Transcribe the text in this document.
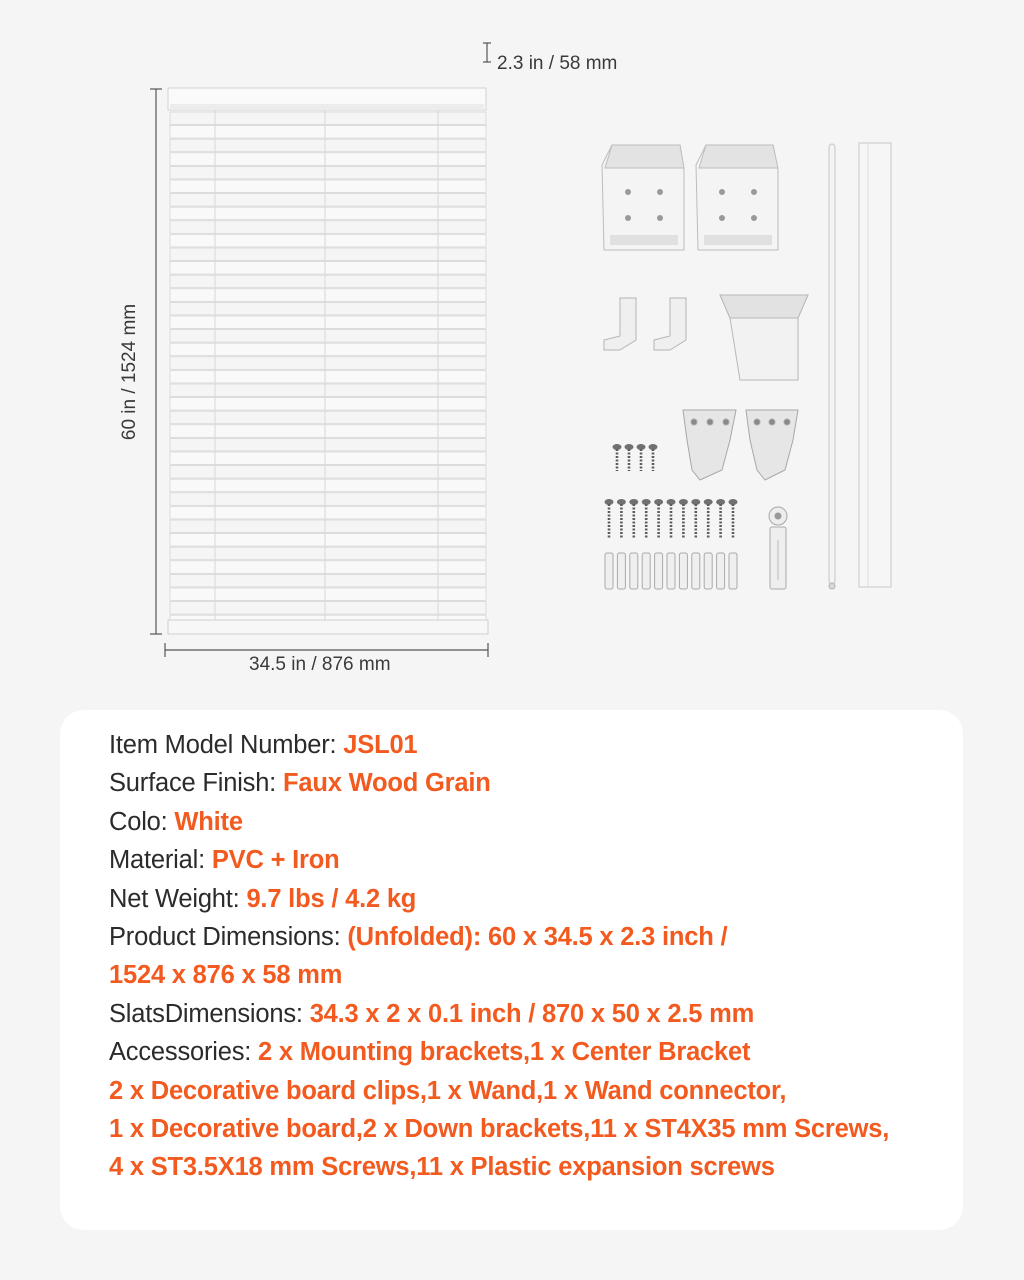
2.3 in / 58 mm
60 in / 1524 mm
34.5 in / 876 mm
Item Model Number: JSL01
Surface Finish: Faux Wood Grain
Colo: White
Material: PVC + Iron
Net Weight: 9.7 lbs / 4.2 kg
Product Dimensions: (Unfolded): 60 x 34.5 x 2.3 inch /
1524 x 876 x 58 mm
SlatsDimensions: 34.3 x 2 x 0.1 inch / 870 x 50 x 2.5 mm
Accessories: 2 x Mounting brackets,1 x Center Bracket
2 x Decorative board clips,1 x Wand,1 x Wand connector,
1 x Decorative board,2 x Down brackets,11 x ST4X35 mm Screws,
4 x ST3.5X18 mm Screws,11 x Plastic expansion screws
